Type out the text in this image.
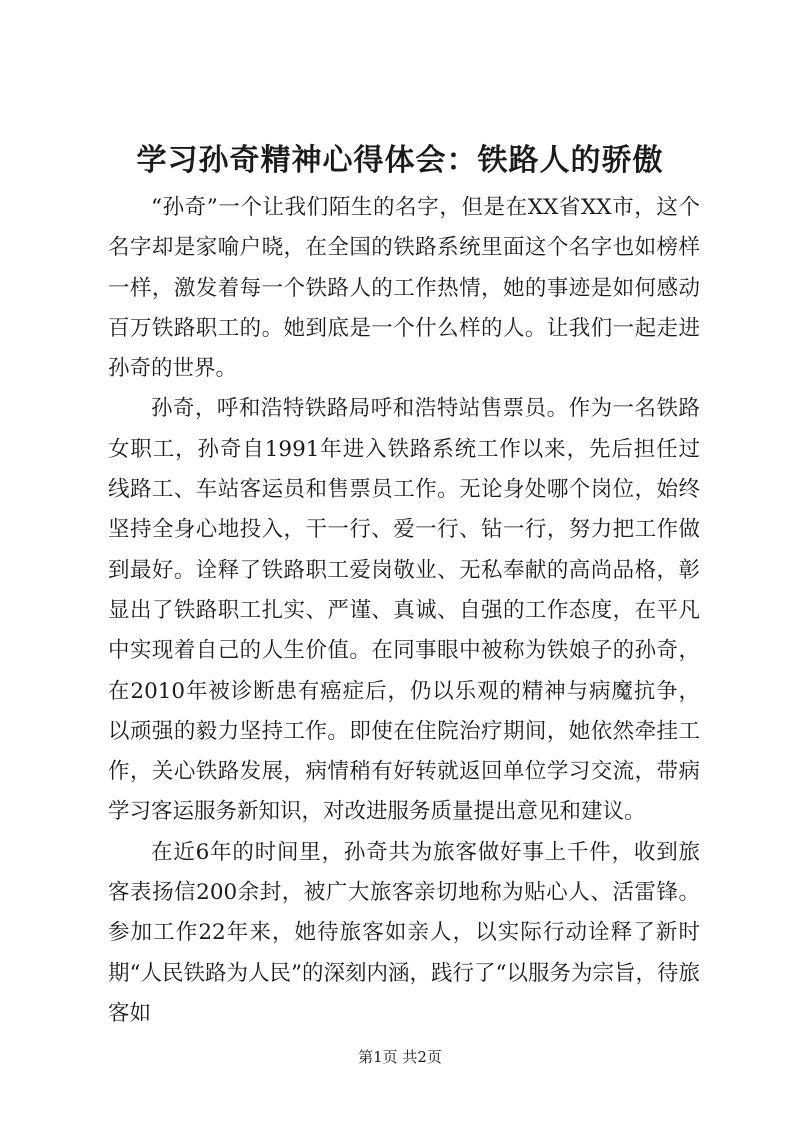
学习孙奇精神心得体会：铁路人的骄傲

“孙奇”一个让我们陌生的名字，但是在XX省XX市，这个名字却是家喻户晓，在全国的铁路系统里面这个名字也如榜样一样，激发着每一个铁路人的工作热情，她的事迹是如何感动百万铁路职工的。她到底是一个什么样的人。让我们一起走进孙奇的世界。

孙奇，呼和浩特铁路局呼和浩特站售票员。作为一名铁路女职工，孙奇自1991年进入铁路系统工作以来，先后担任过线路工、车站客运员和售票员工作。无论身处哪个岗位，始终坚持全身心地投入，干一行、爱一行、钻一行，努力把工作做到最好。诠释了铁路职工爱岗敬业、无私奉献的高尚品格，彰显出了铁路职工扎实、严谨、真诚、自强的工作态度，在平凡中实现着自己的人生价值。在同事眼中被称为铁娘子的孙奇，在2010年被诊断患有癌症后，仍以乐观的精神与病魔抗争，以顽强的毅力坚持工作。即使在住院治疗期间，她依然牵挂工作，关心铁路发展，病情稍有好转就返回单位学习交流，带病学习客运服务新知识，对改进服务质量提出意见和建议。

在近6年的时间里，孙奇共为旅客做好事上千件，收到旅客表扬信200余封，被广大旅客亲切地称为贴心人、活雷锋。参加工作22年来，她待旅客如亲人，以实际行动诠释了新时期“人民铁路为人民”的深刻内涵，践行了“以服务为宗旨，待旅客如

第1页 共2页
